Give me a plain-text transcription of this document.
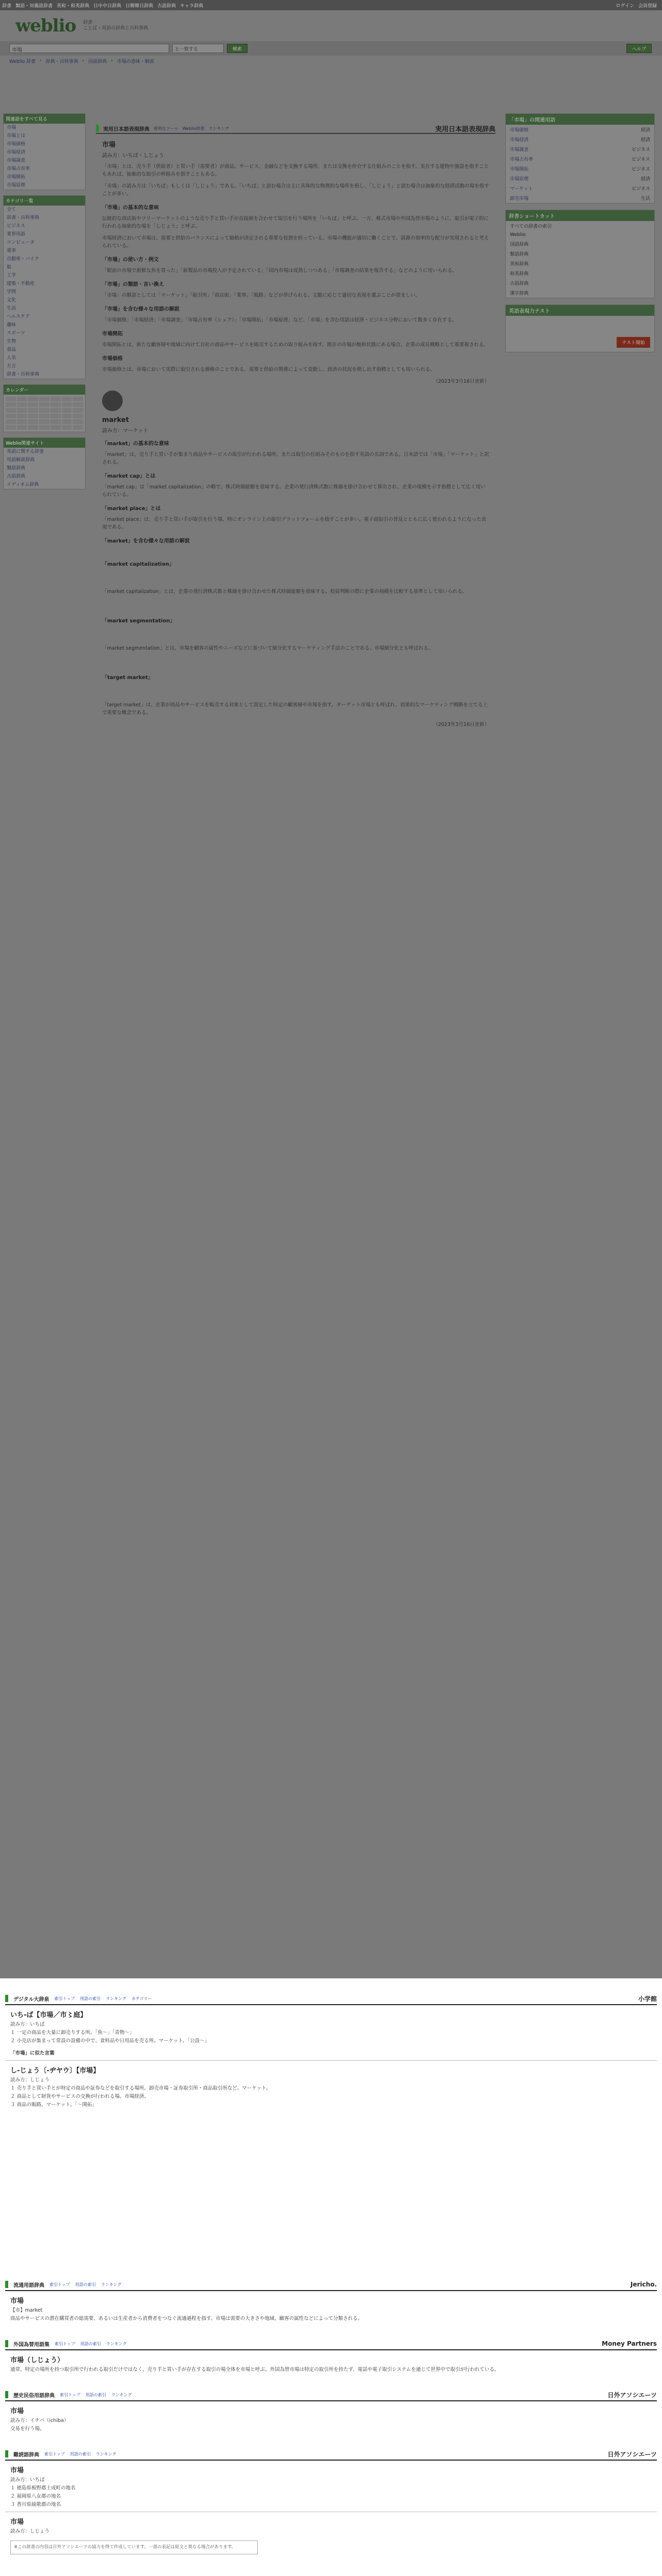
辞書 類語・対義語辞書 英和・和英辞典 日中中日辞典 日韓韓日辞典 古語辞典 キャラ辞典	ログイン 会員登録
weblio 辞書
ことば・用語の辞典と百科事典
市場	と一致する	検索	ヘルプ
Weblio 辞書 › 辞典・百科事典 › 国語辞典 › 市場の意味・解説
関連語をすべて見る
市場
市場とは
市場価格
市場経済
市場調査
市場占有率
市場開拓
市場原理
カテゴリ一覧
全て
辞書・百科事典
ビジネス
業界用語
コンピュータ
電車
自動車・バイク
船
工学
建築・不動産
学問
文化
生活
ヘルスケア
趣味
スポーツ
生物
食品
人名
方言
辞書・百科事典
カレンダー
Weblio関連サイト
英語に関する辞書
用語解説辞典
類語辞典
古語辞典
イディオム辞典
実用日本語表現辞典 便利なツール Weblio辞書 ランキング	実用日本語表現辞典
市場
読み方：いちば・しじょう

「市場」とは、売り手（供給者）と買い手（需要者）が商品、サービス、金融などを交換する場所、または交換を仲介する仕組みのことを指す。実在する建物や施設を指すこともあれば、抽象的な取引の枠組みを指すこともある。

「市場」の読み方は「いちば」もしくは「しじょう」である。「いちば」と読む場合は主に具体的な物理的な場所を指し、「しじょう」と読む場合は抽象的な経済活動の場を指すことが多い。

「市場」の基本的な意味

伝統的な商店街やフリーマーケットのような売り手と買い手が直接顔を合わせて取引を行う場所を「いちば」と呼ぶ。一方、株式市場や外国為替市場のように、取引が電子的に行われる抽象的な場を「しじょう」と呼ぶ。

市場経済において市場は、需要と供給のバランスによって価格が決定される重要な役割を担っている。市場の機能が適切に働くことで、資源の効率的な配分が実現されると考えられている。

「市場」の使い方・例文

「駅前の市場で新鮮な魚を買った」「新製品の市場投入が予定されている」「国内市場は成熟しつつある」「市場調査の結果を報告する」などのように用いられる。

「市場」の類語・言い換え

「市場」の類語としては「マーケット」「取引所」「商店街」「業界」「販路」などが挙げられる。文脈に応じて適切な表現を選ぶことが望ましい。

「市場」を含む様々な用語の解説

「市場価格」「市場経済」「市場調査」「市場占有率（シェア）」「市場開拓」「市場原理」など、「市場」を含む用語は経済・ビジネス分野において数多く存在する。

市場開拓

市場開拓とは、新たな顧客層や地域に向けて自社の商品やサービスを販売するための取り組みを指す。既存の市場が飽和状態にある場合、企業の成長戦略として重要視される。

市場価格

市場価格とは、市場において実際に取引される価格のことである。需要と供給の関係によって変動し、経済の状況を映し出す指標としても用いられる。

（2023年3月16日更新）
market
読み方：マーケット
「market」の基本的な意味

「market」は、売り手と買い手が集まり商品やサービスの取引が行われる場所、または取引の仕組みそのものを指す英語の名詞である。日本語では「市場」「マーケット」と訳される。

「market cap」とは

「market cap」は「market capitalization」の略で、株式時価総額を意味する。企業の発行済株式数に株価を掛け合わせて算出され、企業の規模を示す指標として広く用いられている。

「market place」とは

「market place」は、売り手と買い手が取引を行う場、特にオンライン上の取引プラットフォームを指すことが多い。電子商取引の普及とともに広く使われるようになった表現である。

「market」を含む様々な用語の解説
「market capitalization」

「market capitalization」とは、企業の発行済株式数と株価を掛け合わせた株式時価総額を意味する。投資判断の際に企業の規模を比較する基準として用いられる。

「market segmentation」

「market segmentation」とは、市場を顧客の属性やニーズなどに基づいて細分化するマーケティング手法のことである。市場細分化とも呼ばれる。

「target market」

「target market」は、企業が商品やサービスを販売する対象として設定した特定の顧客層や市場を指す。ターゲット市場とも呼ばれ、効果的なマーケティング戦略を立てる上で重要な概念である。

（2023年3月16日更新）
「市場」の関連用語
市場価格	経済
市場経済	経済
市場調査	ビジネス
市場占有率	ビジネス
市場開拓	ビジネス
市場原理	経済
マーケット	ビジネス
卸売市場	生活
辞書ショートカット
すべての辞書の索引
Weblio
国語辞典
類語辞典
英和辞典
和英辞典
古語辞典
漢字辞典
英語表現力テスト
テスト開始
デジタル大辞泉 索引トップ 用語の索引 ランキング カテゴリー	小学館
いち‐ば【市場／市〻庭】
読み方：いちば
１ 一定の商品を大量に卸売りする所。「魚～」「青物～」
２ 小売店が集まって常設の設備の中で、食料品や日用品を売る所。マーケット。「公設～」
「市場」に似た言葉
し‐じょう〔‐ヂヤウ〕【市場】
読み方：しじょう
１ 売り手と買い手とが特定の商品や証券などを取引する場所。卸売市場・証券取引所・商品取引所など。マーケット。
２ 商品として財貨やサービスの交換が行われる場。市場経済。
３ 商品の販路。マーケット。「～開拓」
流通用語辞典 索引トップ 用語の索引 ランキング	Jericho.
市場
【市】market
商品やサービスの潜在購買者の総需要、あるいは生産者から消費者をつなぐ流通過程を指す。市場は需要の大きさや地域、顧客の属性などによって分類される。
外国為替用語集 索引トップ 用語の索引 ランキング	Money Partners
市場（しじょう）
通常、特定の場所を持つ取引所で行われる取引だけではなく、売り手と買い手が存在する取引の場全体を市場と呼ぶ。外国為替市場は特定の取引所を持たず、電話や電子取引システムを通じて世界中で取引が行われている。
歴史民俗用語辞典 索引トップ 用語の索引 ランキング	日外アソシエーツ
市場
読み方：イチバ（ichiba）
交易を行う場。
難読語辞典 索引トップ 用語の索引 ランキング	日外アソシエーツ
市場
読み方：いちば
１ 徳島県板野郡土成町の地名
２ 福岡県八女郡の地名
３ 香川県綾歌郡の地名
市場
読み方：しじょう
※この辞書の内容は日外アソシエーツの協力を得て作成しています。一部の表記は原文と異なる場合があります。
